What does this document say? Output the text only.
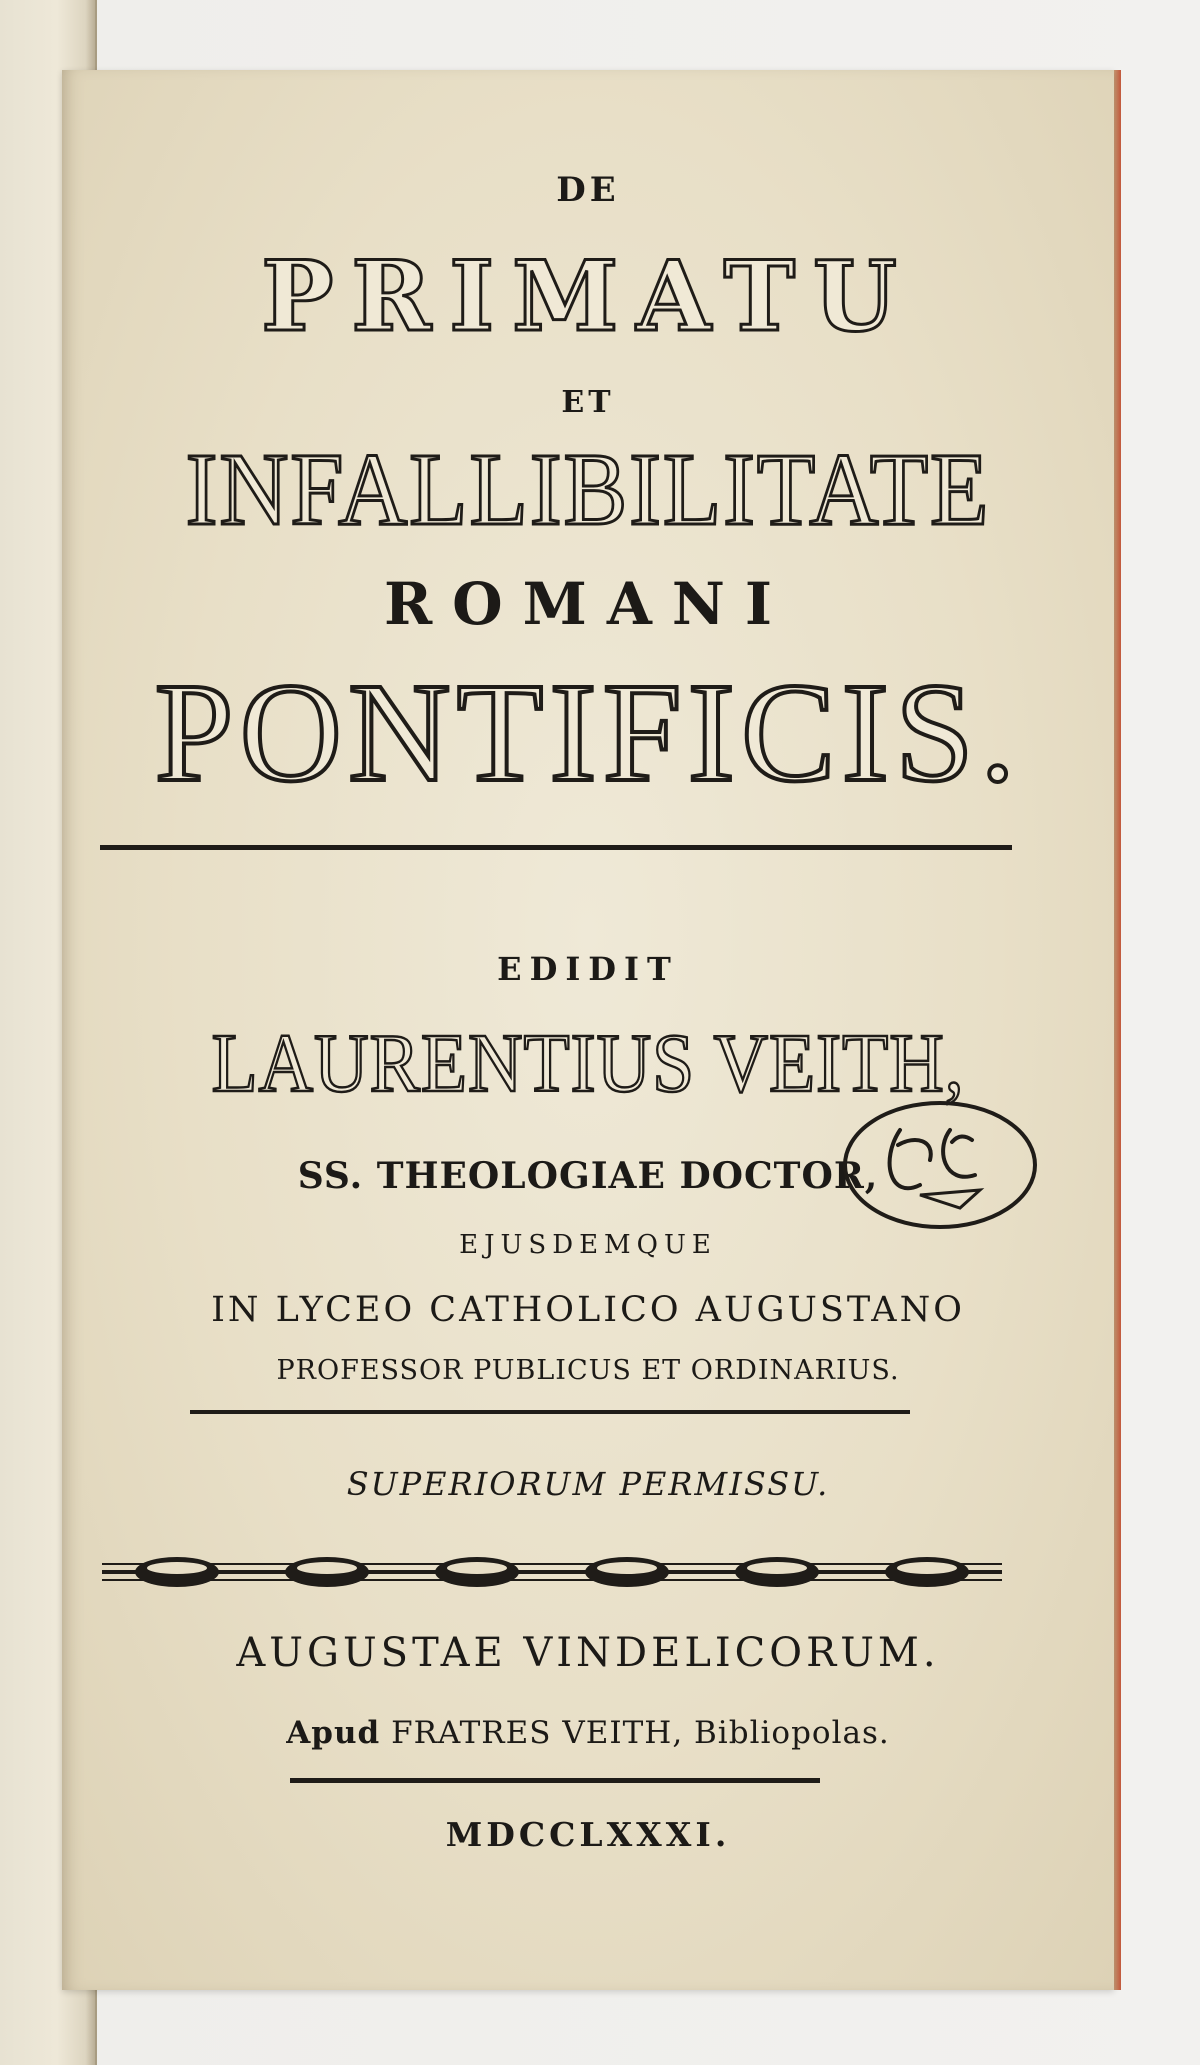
DE
PRIMATU
ET
INFALLIBILITATE
ROMANI
PONTIFICIS.
EDIDIT
LAURENTIUS VEITH,
SS. THEOLOGIAE DOCTOR,
EJUSDEMQUE
IN LYCEO CATHOLICO AUGUSTANO
PROFESSOR PUBLICUS ET ORDINARIUS.
SUPERIORUM PERMISSU.
AUGUSTAE VINDELICORUM.
Apud FRATRES VEITH, Bibliopolas.
MDCCLXXXI.
